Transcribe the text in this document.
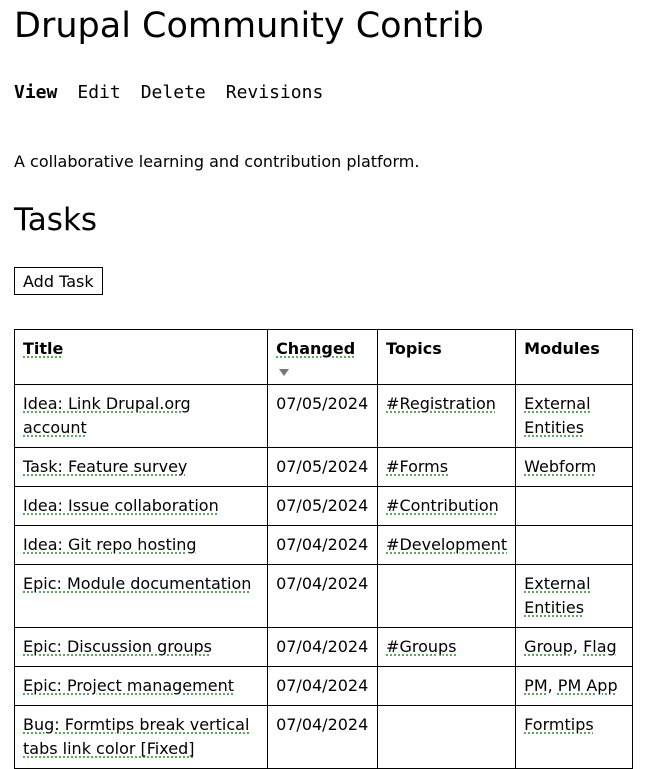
Drupal Community Contrib
View Edit Delete Revisions
A collaborative learning and contribution platform.
Tasks
Add Task
Title	Changed	Topics	Modules
Idea: Link Drupal.org account	07/05/2024	#Registration	External Entities
Task: Feature survey	07/05/2024	#Forms	Webform
Idea: Issue collaboration	07/05/2024	#Contribution	
Idea: Git repo hosting	07/04/2024	#Development	
Epic: Module documentation	07/04/2024		External Entities
Epic: Discussion groups	07/04/2024	#Groups	Group, Flag
Epic: Project management	07/04/2024		PM, PM App
Bug: Formtips break vertical tabs link color [Fixed]	07/04/2024		Formtips
